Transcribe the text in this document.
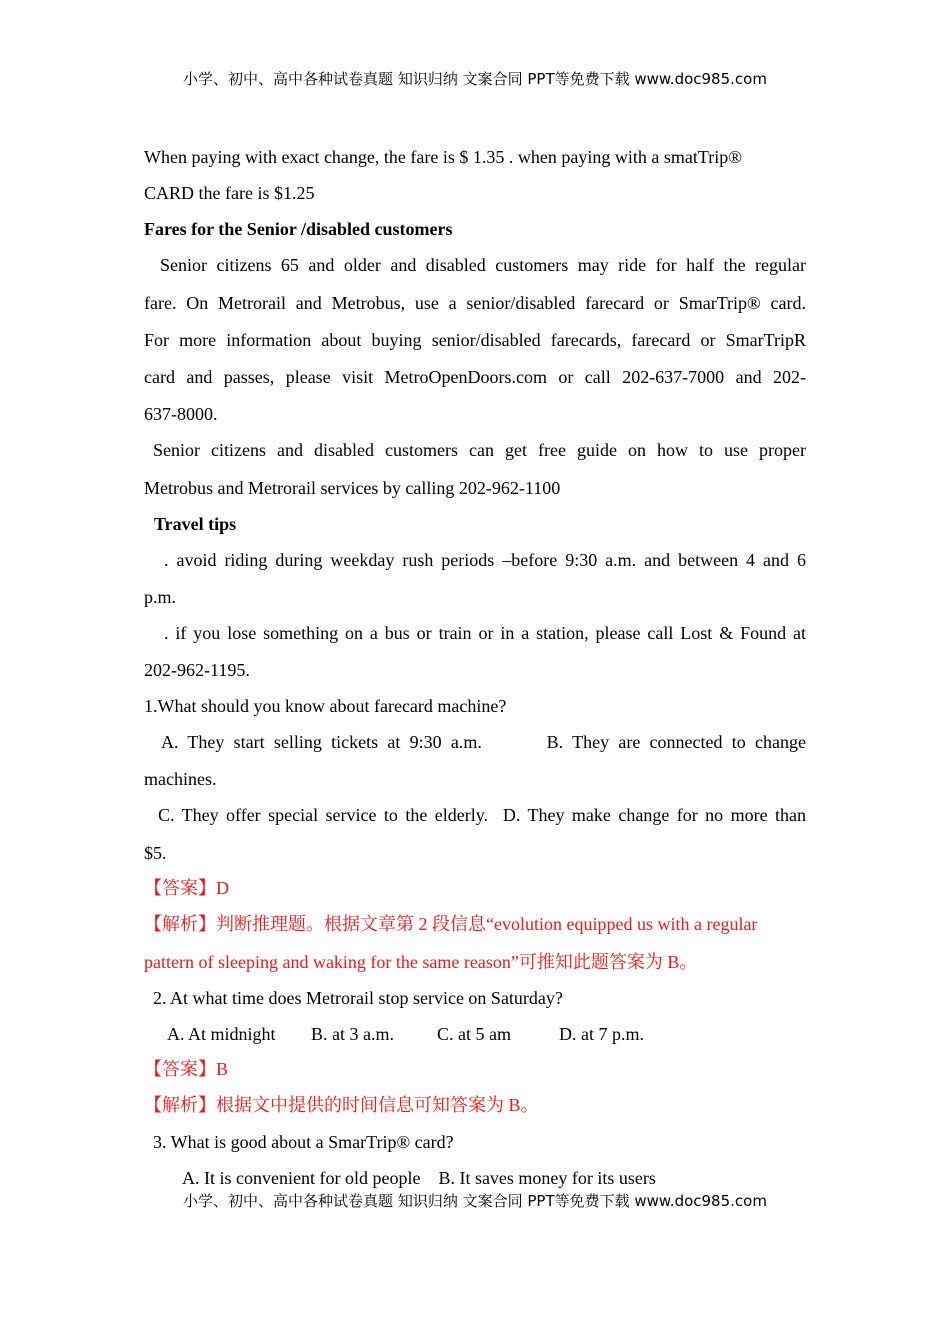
小学、初中、高中各种试卷真题 知识归纳 文案合同 PPT等免费下载 www.doc985.com
When paying with exact change, the fare is $ 1.35 . when paying with a smatTrip®
CARD the fare is $1.25
Fares for the Senior /disabled customers
Senior citizens 65 and older and disabled customers may ride for half the regular
fare. On Metrorail and Metrobus, use a senior/disabled farecard or SmarTrip® card.
For more information about buying senior/disabled farecards, farecard or SmarTripR
card and passes, please visit MetroOpenDoors.com or call 202-637-7000 and 202-
637-8000.
Senior citizens and disabled customers can get free guide on how to use proper
Metrobus and Metrorail services by calling 202-962-1100
Travel tips
. avoid riding during weekday rush periods –before 9:30 a.m. and between 4 and 6
p.m.
. if you lose something on a bus or train or in a station, please call Lost & Found at
202-962-1195.
1.What should you know about farecard machine?
A. They start selling tickets at 9:30 a.m.       B. They are connected to change
machines.
C. They offer special service to the elderly.  D. They make change for no more than
$5.
【答案】D
【解析】判断推理题。根据文章第 2 段信息“evolution equipped us with a regular
pattern of sleeping and waking for the same reason”可推知此题答案为 B。
2. At what time does Metrorail stop service on Saturday?
A. At midnight B. at 3 a.m. C. at 5 am	D. at 7 p.m.
【答案】B
【解析】根据文中提供的时间信息可知答案为 B。
3. What is good about a SmarTrip® card?
A. It is convenient for old people    B. It saves money for its users
小学、初中、高中各种试卷真题 知识归纳 文案合同 PPT等免费下载 www.doc985.com
